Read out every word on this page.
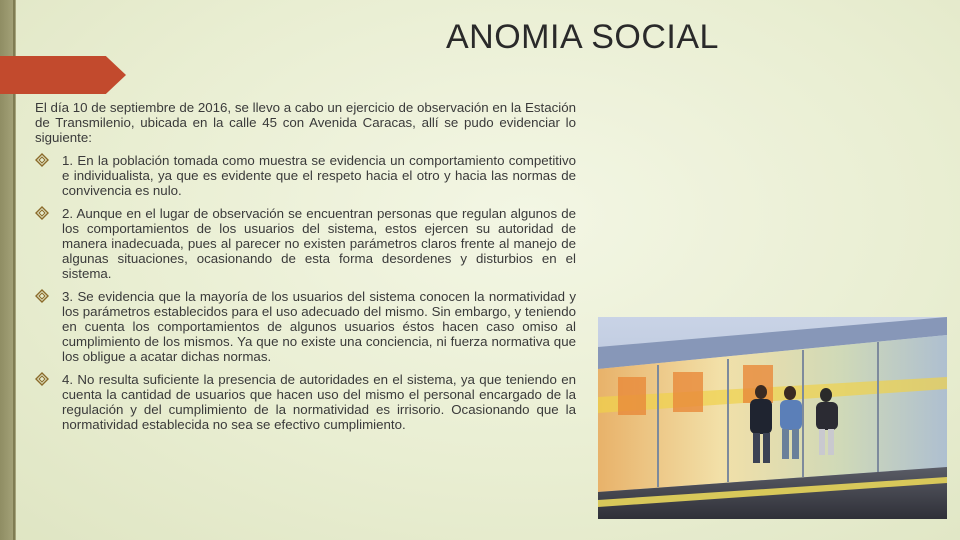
ANOMIA SOCIAL

El día 10 de septiembre de 2016, se llevo a cabo un ejercicio de observación en la Estación de Transmilenio, ubicada en la calle 45 con Avenida Caracas, allí se pudo evidenciar lo siguiente:

1. En la población tomada como muestra se evidencia un comportamiento competitivo e individualista, ya que es evidente que el respeto hacia el otro y hacia las normas de convivencia es nulo.
2. Aunque en el lugar de observación se encuentran personas que regulan algunos de los comportamientos de los usuarios del sistema, estos ejercen su autoridad de manera inadecuada, pues al parecer no existen parámetros claros frente al manejo de algunas situaciones, ocasionando de esta forma desordenes y disturbios en el sistema.
3. Se evidencia que la mayoría de los usuarios del sistema conocen la normatividad y los parámetros establecidos para el uso adecuado del mismo. Sin embargo, y teniendo en cuenta los comportamientos de algunos usuarios éstos hacen caso omiso al cumplimiento de los mismos. Ya que no existe una conciencia, ni fuerza normativa que los obligue a acatar dichas normas.
4. No resulta suficiente la presencia de autoridades en el sistema, ya que teniendo en cuenta la cantidad de usuarios que hacen uso del mismo el personal encargado de la regulación y del cumplimiento de la normatividad es irrisorio. Ocasionando que la normatividad establecida no sea se efectivo cumplimiento.
